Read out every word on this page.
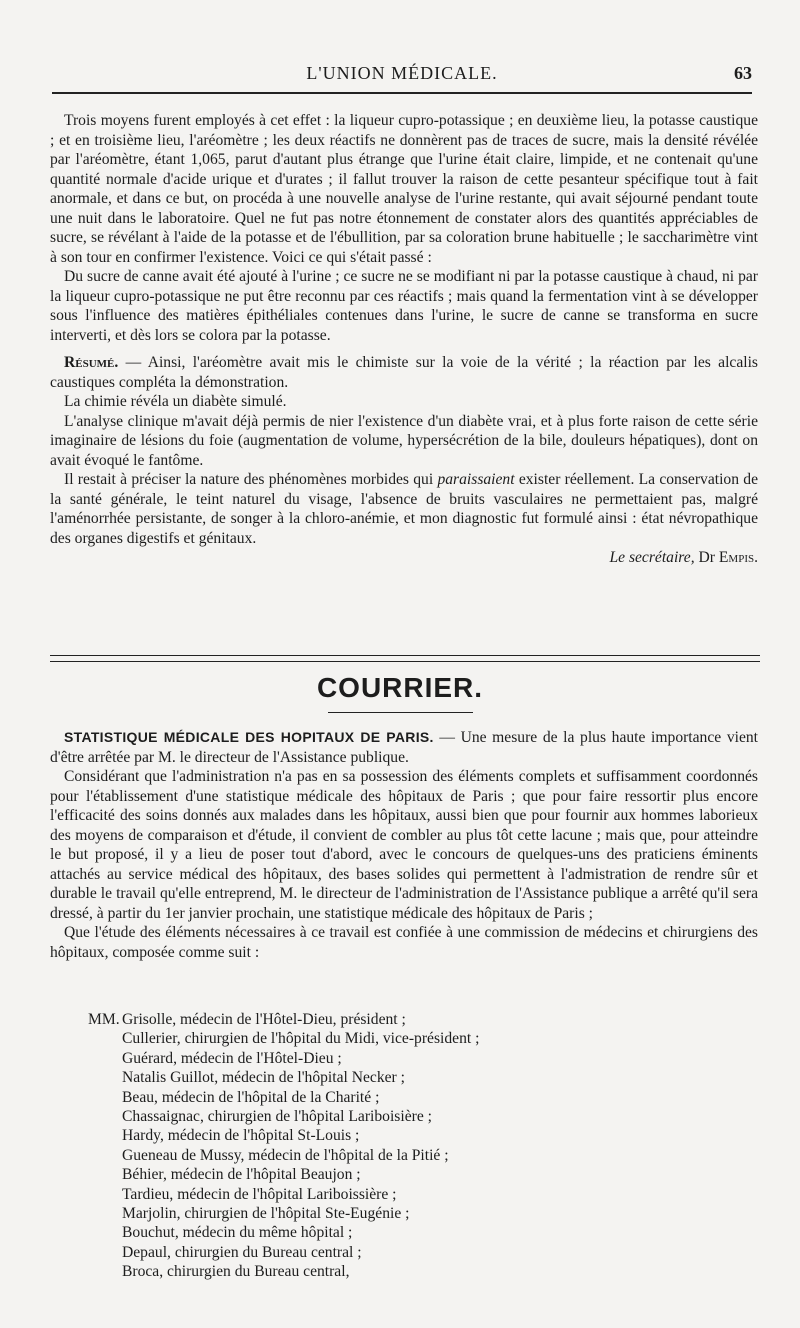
L'UNION MÉDICALE.	63

Trois moyens furent employés à cet effet : la liqueur cupro-potassique ; en deuxième lieu, la potasse caustique ; et en troisième lieu, l'aréomètre ; les deux réactifs ne donnèrent pas de traces de sucre, mais la densité révélée par l'aréomètre, étant 1,065, parut d'autant plus étrange que l'urine était claire, limpide, et ne contenait qu'une quantité normale d'acide urique et d'urates ; il fallut trouver la raison de cette pesanteur spécifique tout à fait anormale, et dans ce but, on procéda à une nouvelle analyse de l'urine restante, qui avait séjourné pendant toute une nuit dans le laboratoire. Quel ne fut pas notre étonnement de constater alors des quantités appréciables de sucre, se révélant à l'aide de la potasse et de l'ébullition, par sa coloration brune habituelle ; le saccharimètre vint à son tour en confirmer l'existence. Voici ce qui s'était passé :

Du sucre de canne avait été ajouté à l'urine ; ce sucre ne se modifiant ni par la potasse caustique à chaud, ni par la liqueur cupro-potassique ne put être reconnu par ces réactifs ; mais quand la fermentation vint à se développer sous l'influence des matières épithéliales contenues dans l'urine, le sucre de canne se transforma en sucre interverti, et dès lors se colora par la potasse.

Résumé. — Ainsi, l'aréomètre avait mis le chimiste sur la voie de la vérité ; la réaction par les alcalis caustiques compléta la démonstration.

La chimie révéla un diabète simulé.

L'analyse clinique m'avait déjà permis de nier l'existence d'un diabète vrai, et à plus forte raison de cette série imaginaire de lésions du foie (augmentation de volume, hypersécrétion de la bile, douleurs hépatiques), dont on avait évoqué le fantôme.

Il restait à préciser la nature des phénomènes morbides qui paraissaient exister réellement. La conservation de la santé générale, le teint naturel du visage, l'absence de bruits vasculaires ne permettaient pas, malgré l'aménorrhée persistante, de songer à la chloro-anémie, et mon diagnostic fut formulé ainsi : état névropathique des organes digestifs et génitaux.

Le secrétaire, Dr Empis.

COURRIER.

STATISTIQUE MÉDICALE DES HOPITAUX DE PARIS. — Une mesure de la plus haute importance vient d'être arrêtée par M. le directeur de l'Assistance publique.

Considérant que l'administration n'a pas en sa possession des éléments complets et suffisamment coordonnés pour l'établissement d'une statistique médicale des hôpitaux de Paris ; que pour faire ressortir plus encore l'efficacité des soins donnés aux malades dans les hôpitaux, aussi bien que pour fournir aux hommes laborieux des moyens de comparaison et d'étude, il convient de combler au plus tôt cette lacune ; mais que, pour atteindre le but proposé, il y a lieu de poser tout d'abord, avec le concours de quelques-uns des praticiens éminents attachés au service médical des hôpitaux, des bases solides qui permettent à l'admistration de rendre sûr et durable le travail qu'elle entreprend, M. le directeur de l'administration de l'Assistance publique a arrêté qu'il sera dressé, à partir du 1er janvier prochain, une statistique médicale des hôpitaux de Paris ;

Que l'étude des éléments nécessaires à ce travail est confiée à une commission de médecins et chirurgiens des hôpitaux, composée comme suit :

MM. Grisolle, médecin de l'Hôtel-Dieu, président ;
Cullerier, chirurgien de l'hôpital du Midi, vice-président ;
Guérard, médecin de l'Hôtel-Dieu ;
Natalis Guillot, médecin de l'hôpital Necker ;
Beau, médecin de l'hôpital de la Charité ;
Chassaignac, chirurgien de l'hôpital Lariboisière ;
Hardy, médecin de l'hôpital St-Louis ;
Gueneau de Mussy, médecin de l'hôpital de la Pitié ;
Béhier, médecin de l'hôpital Beaujon ;
Tardieu, médecin de l'hôpital Lariboissière ;
Marjolin, chirurgien de l'hôpital Ste-Eugénie ;
Bouchut, médecin du même hôpital ;
Depaul, chirurgien du Bureau central ;
Broca, chirurgien du Bureau central,
